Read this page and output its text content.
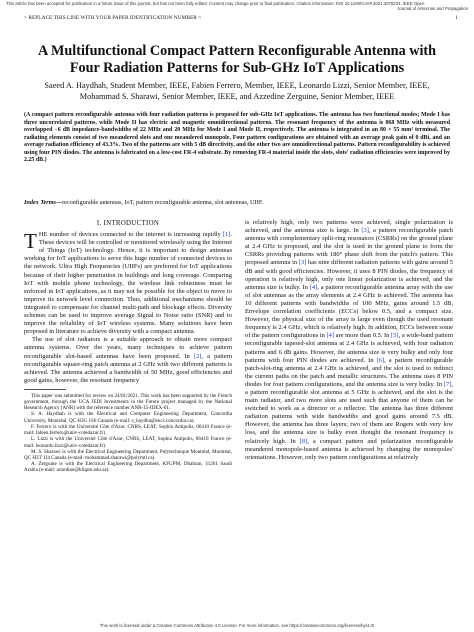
This article has been accepted for publication in a future issue of this journal, but has not been fully edited. Content may change prior to final publication. Citation information: DOI 10.1109/OJAP.2021.3078234, IEEE Open

Journal of Antennas and Propagation
> REPLACE THIS LINE WITH YOUR PAPER IDENTIFICATION NUMBER <	1
A Multifunctional Compact Pattern Reconfigurable Antenna with Four Radiation Patterns for Sub-GHz IoT Applications
Saeed A. Haydhah, Student Member, IEEE, Fabien Ferrero, Member, IEEE, Leonardo Lizzi, Senior Member, IEEE,
Mohammad S. Sharawi, Senior Member, IEEE, and Azzedine Zerguine, Senior Member, IEEE
(A compact pattern reconfigurable antenna with four radiation patterns is proposed for sub-GHz IoT applications. The antenna has two functional modes; Mode I has three uncorrelated patterns, while Mode II has electric and magnetic omnidirectional patterns. The resonant frequency of the antenna is 868 MHz with measured overlapped −6 dB impedance-bandwidths of 22 MHz and 20 MHz for Mode I and Mode II, respectively. The antenna is integrated in an 80 × 55 mm² terminal. The radiating elements consist of two meandered slots and one meandered monopole. Four pattern configurations are obtained with an average peak gain of 0 dBi, and an average radiation efficiency of 43.3%. Two of the patterns are with 5 dB directivity, and the other two are omnidirectional patterns. Pattern reconfigurability is achieved using four PIN diodes. The antenna is fabricated on a low-cost FR-4 substrate. By removing FR-4 material inside the slots, slots' radiation efficiencies were improved by 2.25 dB.)
Index Terms—reconfigurable antennas, IoT, pattern reconfigurable antenna, slot antennas, UHF.
I. INTRODUCTION

THE number of devices connected to the internet is increasing rapidly [1]. These devices will be controlled or monitored wirelessly using the Internet of Things (IoT) technology. Hence, it is important to design antennas working for IoT applications to serve this huge number of connected devices to the network. Ultra High Frequencies (UHFs) are preferred for IoT applications because of their higher penetration in buildings and long coverage. Comparing IoT with mobile phone technology, the wireless link robustness must be enforced in IoT applications, as it may not be possible for the object to move to improve its network level connection. Thus, additional mechanisms should be integrated to compensate for channel multi-path and blockage effects. Diversity schemes can be used to improve average Signal to Noise ratio (SNR) and to improve the reliability of IoT wireless systems. Many solutions have been proposed in literature to achieve diversity with a compact antenna.

The use of slot radiators is a suitable approach to obtain more compact antenna systems. Over the years, many techniques to achieve pattern reconfigurable slot-based antennas have been proposed. In [2], a pattern reconfigurable square-ring patch antenna at 2 GHz with two different patterns is achieved. The antenna achieved a bandwidth of 50 MHz, good efficiencies and good gains, however, the resonant frequency

This paper was submitted for review on 24/01/2021. This work has been supported by the French government, through the UCA JEDI Investments in the Future project managed by the National Research Agency (ANR) with the reference number ANR-15-IDEX-01.

S. A. Haydhah is with the Electrical and Computer Engineering Department, Concordia University, Montréal, QC H3G 1S6 Canada (e-mail: s_haydha@encs.concordia.ca).

F. Ferrero is with the Université Côte d'Azur, CNRS, LEAT, Sophia Antipolis, 06410 France (e-mail: fabien.ferrero@univ-cotedazur.fr).

L. Lizzi is with the Université Côte d'Azur, CNRS, LEAT, Sophia Antipolis, 06410 France (e-mail: leonardo.lizzi@univ-cotedazur.fr).

M. S. Sharawi is with the Electrical Engineering Department, Polytechnique Montréal, Montréal, QC H3T 1J4 Canada (e-mail: mohammad.sharawi@polymtl.ca).

A. Zerguine is with the Electrical Engineering Department, KFUPM, Dhahran, 31261 Saudi Arabia (e-mail: azzedine@kfupm.edu.sa).

is relatively high, only two patterns were achieved, single polarization is achieved, and the antenna size is large. In [3], a pattern reconfigurable patch antenna with complementary split-ring resonators (CSRRs) on the ground plane at 2.4 GHz is proposed, and the slot is used in the ground plane to form the CSRRs providing patterns with 180° phase shift from the patch's pattern. This proposed antenna in [3] has nine different radiation patterns with gains around 5 dB and with good efficiencies. However, it uses 8 PIN diodes, the frequency of operation is relatively high, only one linear polarization is achieved, and the antenna size is bulky. In [4], a pattern reconfigurable antenna array with the use of slot antennas as the array elements at 2.4 GHz is achieved. The antenna has 10 different patterns with bandwidths of 100 MHz, gains around 1.5 dB, Envelope correlation coefficients (ECCs) below 0.5, and a compact size. However, the physical size of the array is large even though the used resonant frequency is 2.4 GHz, which is relatively high. In addition, ECCs between some of the pattern configurations in [4] are more than 0.5. In [5], a wide-band pattern reconfigurable tapered-slot antenna at 2.4 GHz is achieved, with four radiation patterns and 6 dB gains. However, the antenna size is very bulky and only four patterns with four PIN diodes are achieved. In [6], a pattern reconfigurable patch-slot-ring antenna at 2.4 GHz is achieved, and the slot is used to redirect the current paths on the patch and metallic structures. The antenna uses 8 PIN diodes for four pattern configurations, and the antenna size is very bulky. In [7], a pattern reconfigurable slot antenna at 5 GHz is achieved, and the slot is the main radiator, and two more slots are used such that anyone of them can be switched to work as a director or a reflector. The antenna has three different radiation patterns with wide bandwidths and good gains around 7.5 dB. However, the antenna has three layers; two of them are Rogers with very low loss, and the antenna size is bulky even thought the resonant frequency is relatively high. In [8], a compact pattern and polarization reconfigurable meandered monopole-based antenna is achieved by changing the monopoles' orientations. However, only two pattern configurations at relatively

This work is licensed under a Creative Commons Attribution 4.0 License. For more information, see https://creativecommons.org/licenses/by/4.0/
